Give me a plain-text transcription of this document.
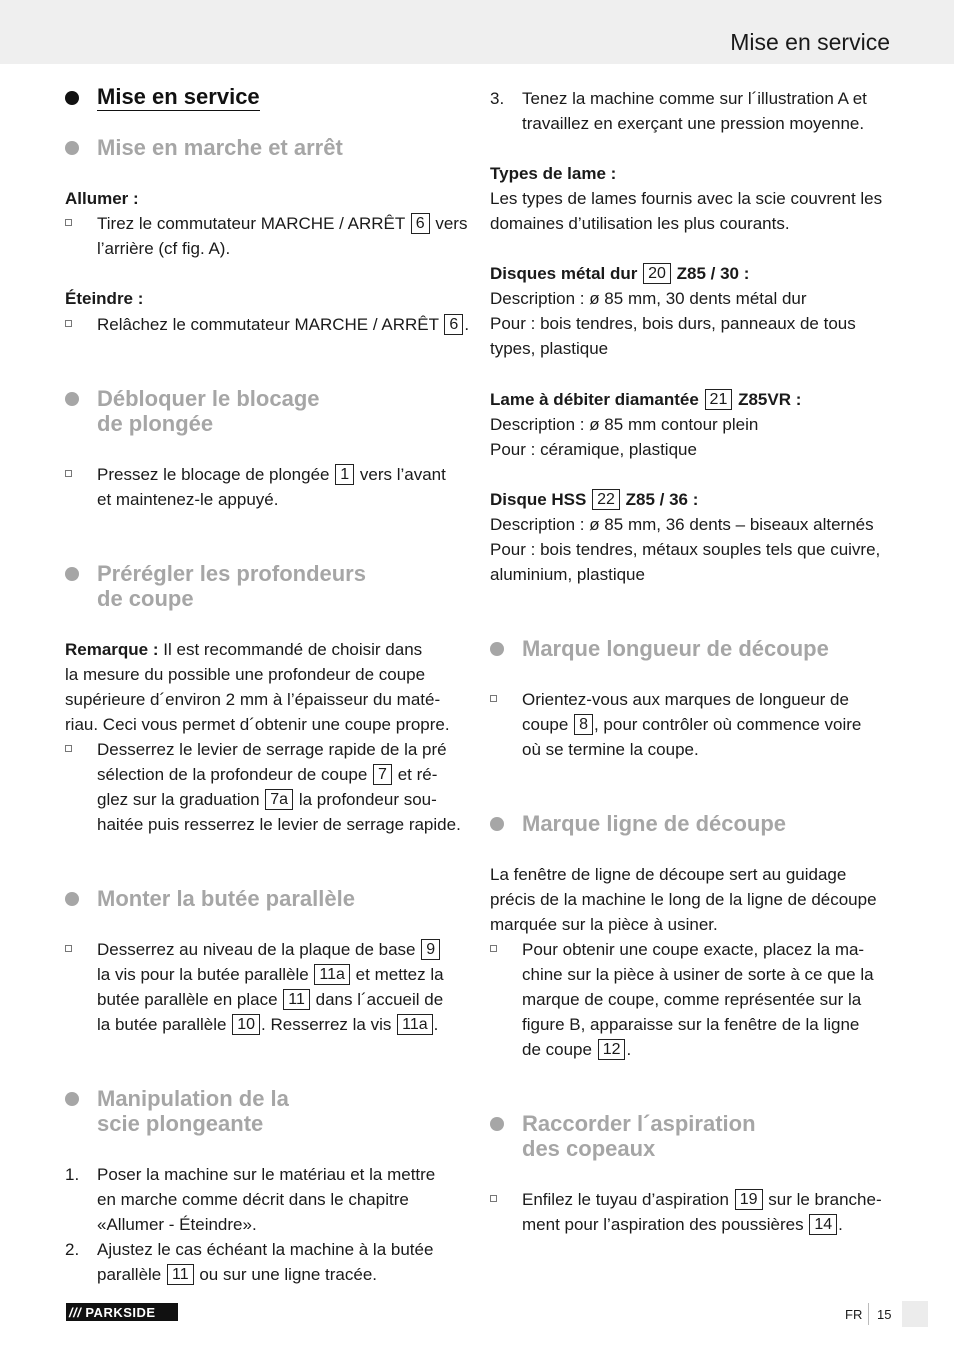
Mise en service
Mise en service
Mise en marche et arrêt
Allumer :
Tirez le commutateur MARCHE / ARRÊT 6 vers
l’arrière (cf fig. A).
Éteindre :
Relâchez le commutateur MARCHE / ARRÊT 6 .
Débloquer le blocage
de plongée
Pressez le blocage de plongée 1 vers l’avant
et maintenez-le appuyé.
Prérégler les profondeurs
de coupe
Remarque : Il est recommandé de choisir dans
la mesure du possible une profondeur de coupe
supérieure d´environ 2 mm à l’épaisseur du maté-
riau. Ceci vous permet d´obtenir une coupe propre.
Desserrez le levier de serrage rapide de la pré
sélection de la profondeur de coupe 7 et ré-
glez sur la graduation 7a la profondeur sou-
haitée puis resserrez le levier de serrage rapide.
Monter la butée parallèle
Desserrez au niveau de la plaque de base 9
la vis pour la butée parallèle 11a et mettez la
butée parallèle en place 11 dans l´accueil de
la butée parallèle 10 . Resserrez la vis 11a .
Manipulation de la
scie plongeante
1. Poser la machine sur le matériau et la mettre
en marche comme décrit dans le chapitre
«Allumer - Éteindre».
2. Ajustez le cas échéant la machine à la butée
parallèle 11 ou sur une ligne tracée.
3. Tenez la machine comme sur l´illustration A et
travaillez en exerçant une pression moyenne.
Types de lame :
Les types de lames fournis avec la scie couvrent les
domaines d’utilisation les plus courants.
Disques métal dur 20 Z85 / 30 :
Description : ø 85 mm, 30 dents métal dur
Pour : bois tendres, bois durs, panneaux de tous
types, plastique
Lame à débiter diamantée 21 Z85VR :
Description : ø 85 mm contour plein
Pour : céramique, plastique
Disque HSS 22 Z85 / 36 :
Description : ø 85 mm, 36 dents – biseaux alternés
Pour : bois tendres, métaux souples tels que cuivre,
aluminium, plastique
Marque longueur de découpe
Orientez-vous aux marques de longueur de
coupe 8 , pour contrôler où commence voire
où se termine la coupe.
Marque ligne de découpe
La fenêtre de ligne de découpe sert au guidage
précis de la machine le long de la ligne de découpe
marquée sur la pièce à usiner.
Pour obtenir une coupe exacte, placez la ma-
chine sur la pièce à usiner de sorte à ce que la
marque de coupe, comme représentée sur la
figure B, apparaisse sur la fenêtre de la ligne
de coupe 12 .
Raccorder l´aspiration
des copeaux
Enfilez le tuyau d’aspiration 19 sur le branche-
ment pour l’aspiration des poussières 14 .
/// PARKSIDE	FR 15
